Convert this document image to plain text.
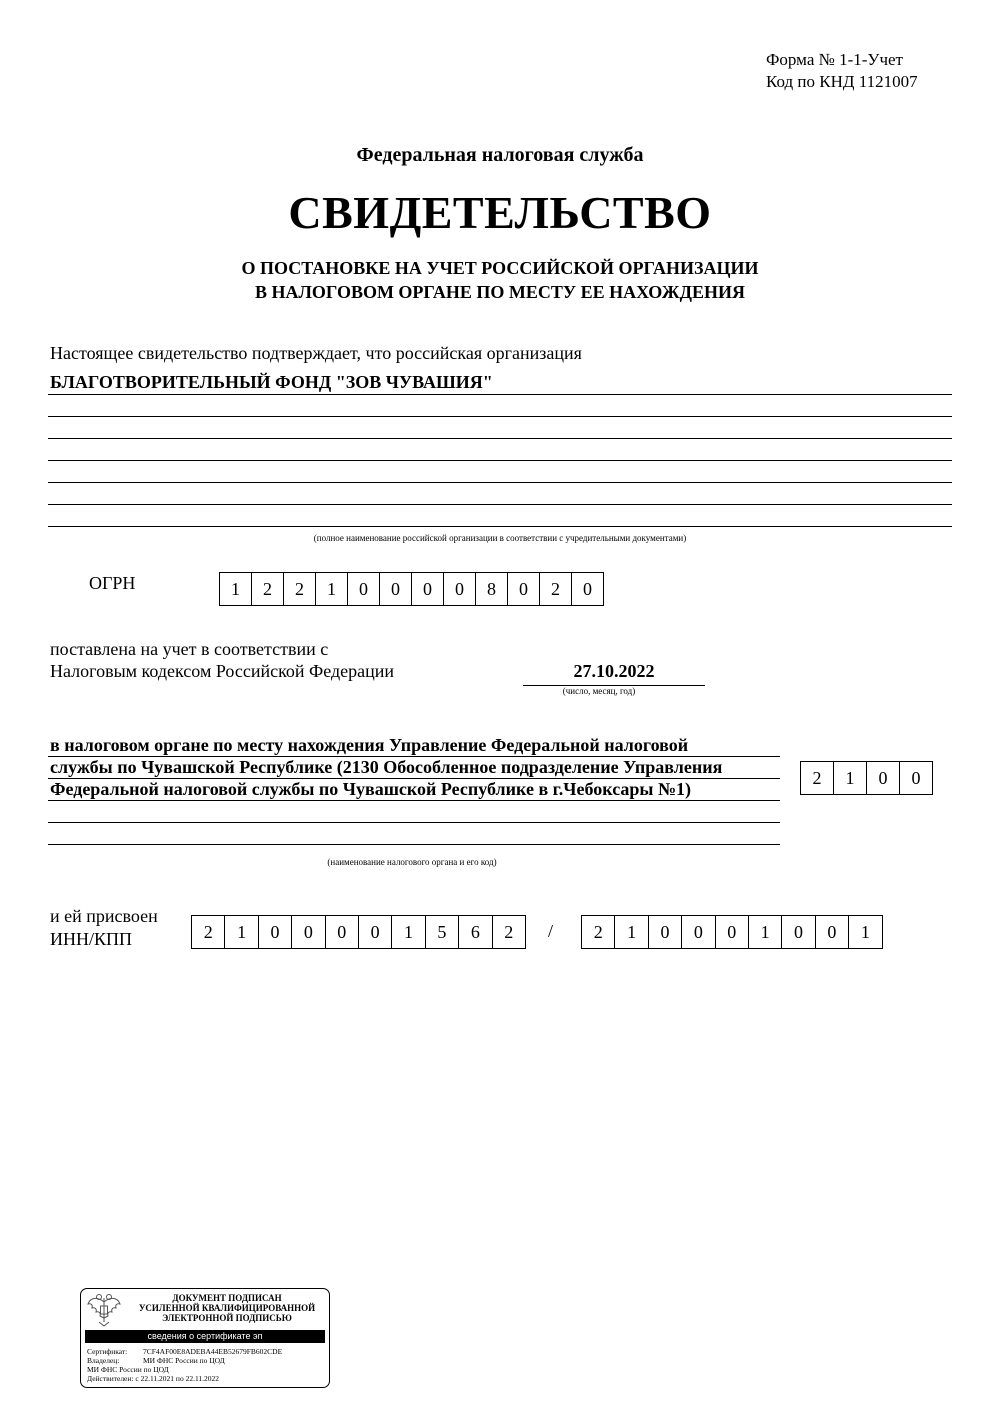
Форма № 1-1-Учет
Код по КНД 1121007
Федеральная налоговая служба
СВИДЕТЕЛЬСТВО
О ПОСТАНОВКЕ НА УЧЕТ РОССИЙСКОЙ ОРГАНИЗАЦИИ
В НАЛОГОВОМ ОРГАНЕ ПО МЕСТУ ЕЕ НАХОЖДЕНИЯ
Настоящее свидетельство подтверждает, что российская организация
БЛАГОТВОРИТЕЛЬНЫЙ ФОНД "ЗОВ ЧУВАШИЯ"
(полное наименование российской организации в соответствии с учредительными документами)
ОГРН	1	2	2	1	0	0	0	0	8	0	2	0
поставлена на учет в соответствии с
Налоговым кодексом Российской Федерации	27.10.2022
(число, месяц, год)
в налоговом органе по месту нахождения Управление Федеральной налоговой
службы по Чувашской Республике (2130 Обособленное подразделение Управления
Федеральной налоговой службы по Чувашской Республике в г.Чебоксары №1)
(наименование налогового органа и его код)
2	1	0	0
и ей присвоен
ИНН/КПП	2	1	0	0	0	0	1	5	6	2	/	2	1	0	0	0	1	0	0	1
ДОКУМЕНТ ПОДПИСАН
УСИЛЕННОЙ КВАЛИФИЦИРОВАННОЙ
ЭЛЕКТРОННОЙ ПОДПИСЬЮ
сведения о сертификате эп
Сертификат: 7CF4AF00E8ADEBA44EB52679FB602CDE
Владелец:	МИ ФНС России по ЦОД
МИ ФНС России по ЦОД
Действителен: с 22.11.2021 по 22.11.2022
